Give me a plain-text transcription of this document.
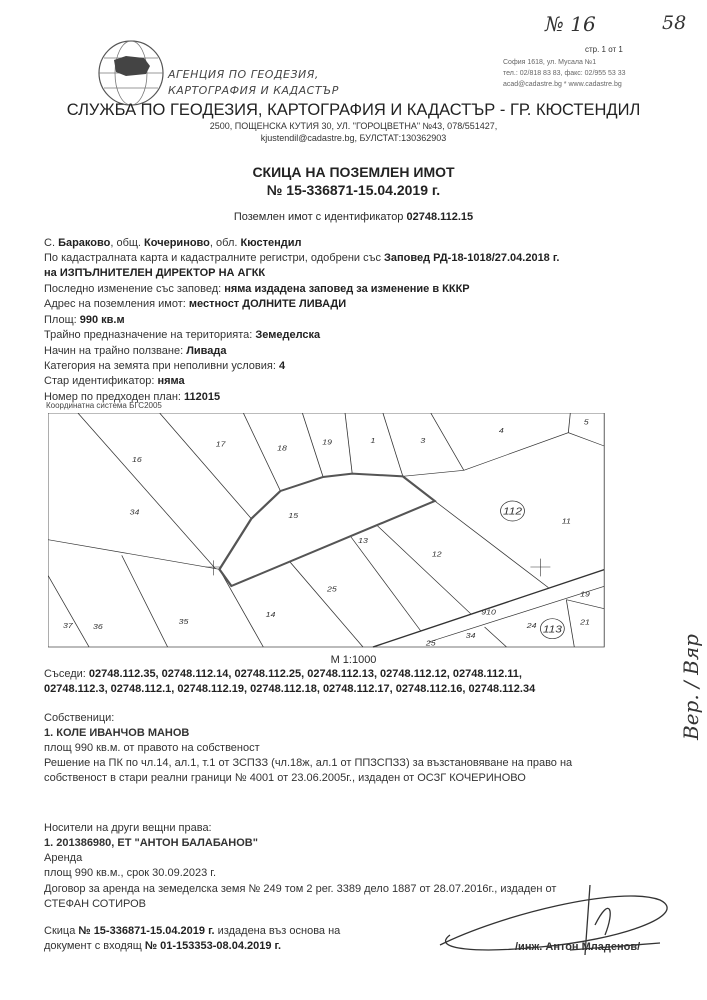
№ 16	58
АГЕНЦИЯ ПО ГЕОДЕЗИЯ,
КАРТОГРАФИЯ И КАДАСТЪР
стр. 1 от 1
София 1618, ул. Мусала №1
тел.: 02/818 83 83, факс: 02/955 53 33
acad@cadastre.bg * www.cadastre.bg
СЛУЖБА ПО ГЕОДЕЗИЯ, КАРТОГРАФИЯ И КАДАСТЪР - ГР. КЮСТЕНДИЛ
2500, ПОЩЕНСКА КУТИЯ 30, УЛ. "ГОРОЦВЕТНА" №43, 078/551427,
kjustendil@cadastre.bg, БУЛСТАТ:130362903
СКИЦА НА ПОЗЕМЛЕН ИМОТ
№ 15-336871-15.04.2019 г.
Поземлен имот с идентификатор 02748.112.15
С. Бараково, общ. Кочериново, обл. Кюстендил
По кадастралната карта и кадастралните регистри, одобрени със Заповед РД-18-1018/27.04.2018 г.
на ИЗПЪЛНИТЕЛЕН ДИРЕКТОР НА АГКК
Последно изменение със заповед: няма издадена заповед за изменение в КККР
Адрес на поземления имот: местност ДОЛНИТЕ ЛИВАДИ
Площ: 990 кв.м
Трайно предназначение на територията: Земеделска
Начин на трайно ползване: Ливада
Категория на земята при неполивни условия: 4
Стар идентификатор: няма
Номер по предходен план: 112015
Координатна система БГС2005
16
17 18
19 1 3
4
5
34	15
11
13
12
25
14
35
36
37
910
34
25
24 21
19
112
113
М 1:1000
Съседи: 02748.112.35, 02748.112.14, 02748.112.25, 02748.112.13, 02748.112.12, 02748.112.11,
02748.112.3, 02748.112.1, 02748.112.19, 02748.112.18, 02748.112.17, 02748.112.16, 02748.112.34
Собственици:
1. КОЛЕ ИВАНЧОВ МАНОВ
площ 990 кв.м. от правото на собственост
Решение на ПК по чл.14, ал.1, т.1 от ЗСПЗЗ (чл.18ж, ал.1 от ППЗСПЗЗ) за възстановяване на право на
собственост в стари реални граници № 4001 от 23.06.2005г., издаден от ОСЗГ КОЧЕРИНОВО
Носители на други вещни права:
1. 201386980, ЕТ "АНТОН БАЛАБАНОВ"
Аренда
площ 990 кв.м., срок 30.09.2023 г.
Договор за аренда на земеделска земя № 249 том 2 рег. 3389 дело 1887 от 28.07.2016г., издаден от
СТЕФАН СОТИРОВ
Скица № 15-336871-15.04.2019 г. издадена въз основа на
документ с входящ № 01-153353-08.04.2019 г.	/инж. Антон Младенов/
Вер. / Вяр
